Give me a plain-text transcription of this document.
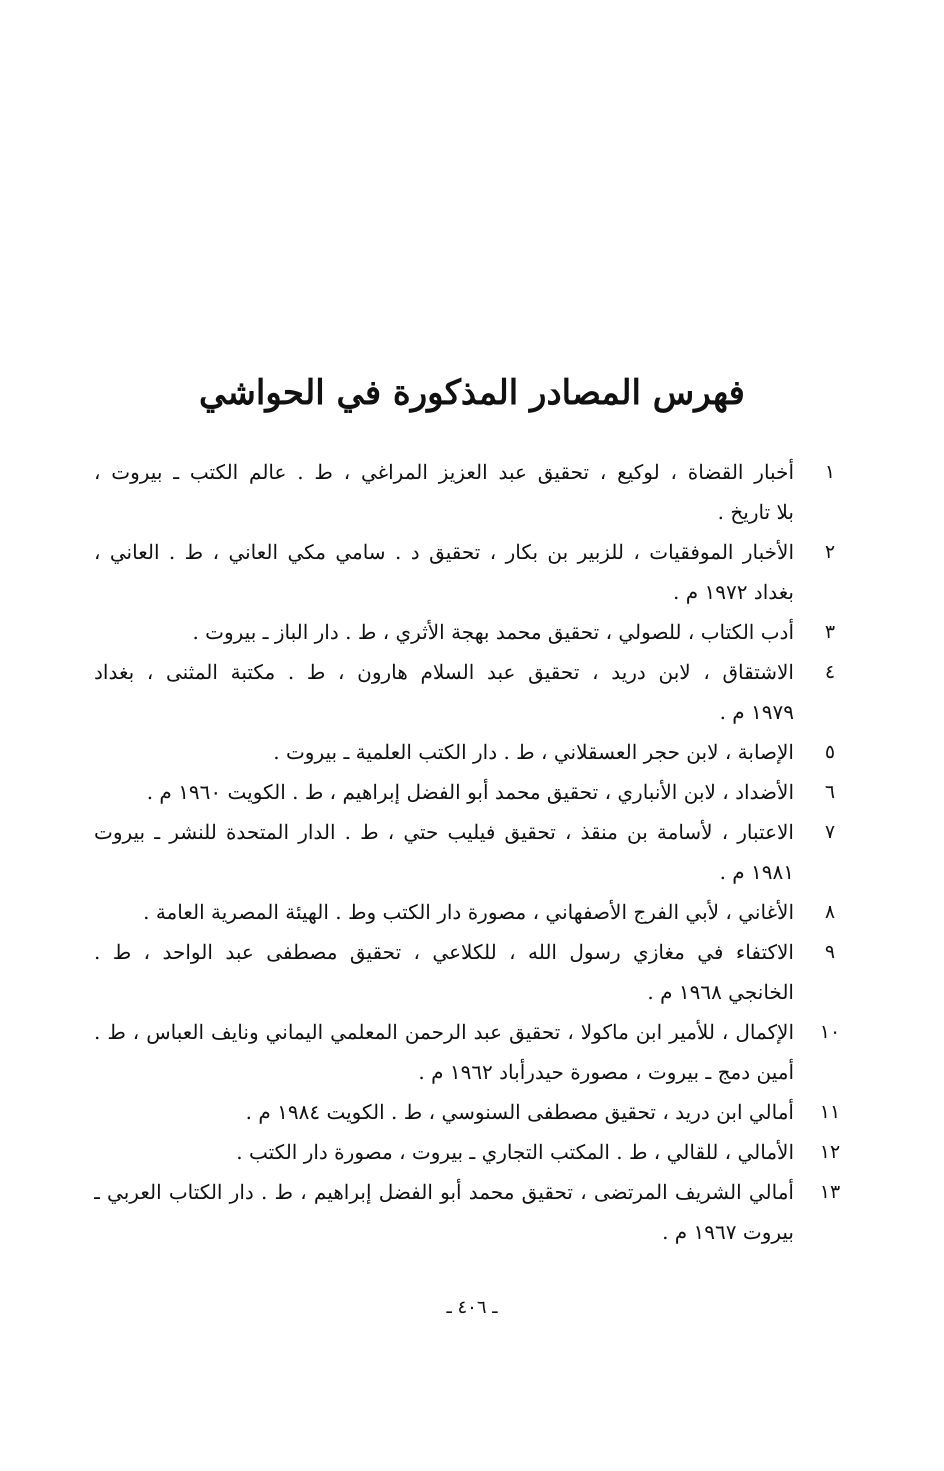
فهرس المصادر المذكورة في الحواشي
١
أخبار القضاة ، لوكيع ، تحقيق عبد العزيز المراغي ، ط . عالم الكتب ـ بيروت ،
بلا تاريخ .
٢
الأخبار الموفقيات ، للزبير بن بكار ، تحقيق د . سامي مكي العاني ، ط . العاني ،
بغداد ١٩٧٢ م .
٣
أدب الكتاب ، للصولي ، تحقيق محمد بهجة الأثري ، ط . دار الباز ـ بيروت .
٤
الاشتقاق ، لابن دريد ، تحقيق عبد السلام هارون ، ط . مكتبة المثنى ، بغداد
١٩٧٩ م .
٥
الإصابة ، لابن حجر العسقلاني ، ط . دار الكتب العلمية ـ بيروت .
٦
الأضداد ، لابن الأنباري ، تحقيق محمد أبو الفضل إبراهيم ، ط . الكويت ١٩٦٠ م .
٧
الاعتبار ، لأسامة بن منقذ ، تحقيق فيليب حتي ، ط . الدار المتحدة للنشر ـ بيروت
١٩٨١ م .
٨
الأغاني ، لأبي الفرج الأصفهاني ، مصورة دار الكتب وط . الهيئة المصرية العامة .
٩
الاكتفاء في مغازي رسول الله ، للكلاعي ، تحقيق مصطفى عبد الواحد ، ط .
الخانجي ١٩٦٨ م .
١٠
الإكمال ، للأمير ابن ماكولا ، تحقيق عبد الرحمن المعلمي اليماني ونايف العباس ، ط .
أمين دمج ـ بيروت ، مصورة حيدرأباد ١٩٦٢ م .
١١
أمالي ابن دريد ، تحقيق مصطفى السنوسي ، ط . الكويت ١٩٨٤ م .
١٢
الأمالي ، للقالي ، ط . المكتب التجاري ـ بيروت ، مصورة دار الكتب .
١٣
أمالي الشريف المرتضى ، تحقيق محمد أبو الفضل إبراهيم ، ط . دار الكتاب العربي ـ
بيروت ١٩٦٧ م .
ـ ٤٠٦ ـ
